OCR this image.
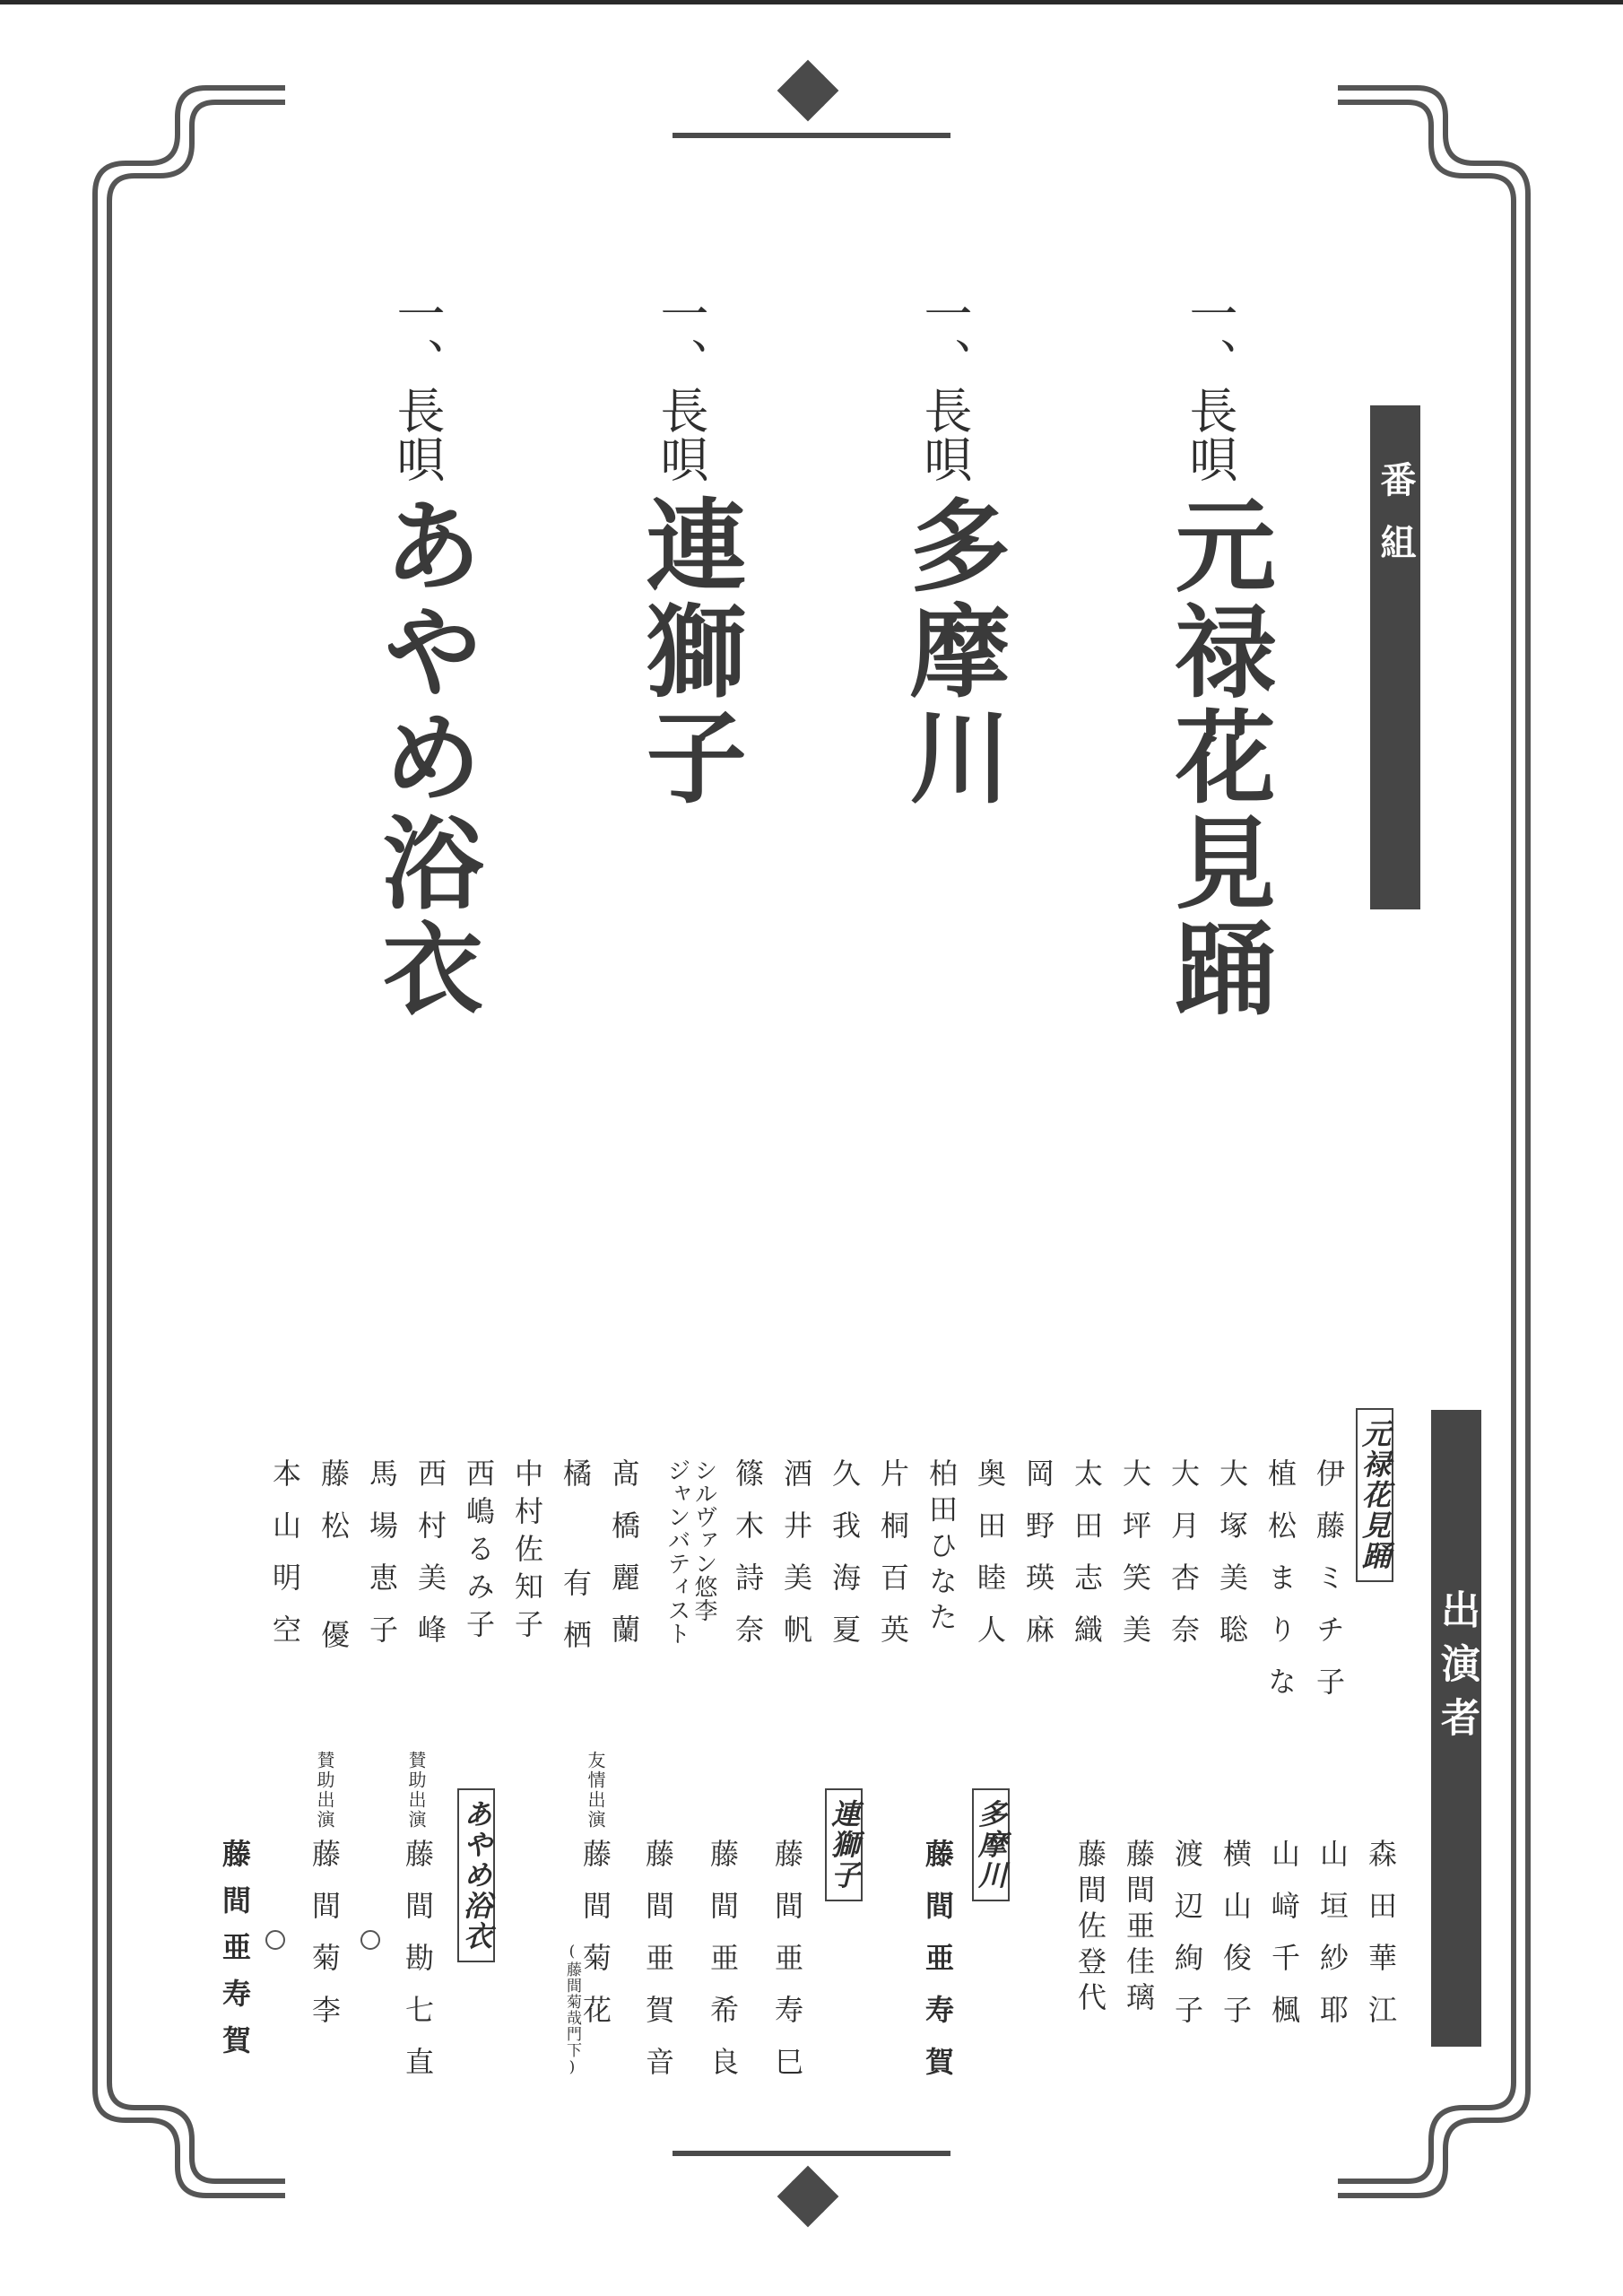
番組
一、長唄
元禄花見踊
一、長唄
多摩川
一、長唄
連獅子
一、長唄
あやめ浴衣
出演者
元禄花見踊
伊藤ミチ子
植松まりな
大塚美聡
大月杏奈
大坪笑美
太田志織
岡野瑛麻
奥田睦人
柏田ひなた
片桐百英
久我海夏
酒井美帆
篠木詩奈
シルヴァン悠李
ジャンバティスト
髙橋麗蘭
橘 有栖
中村佐知子
西嶋るみ子
西村美峰
馬場恵子
藤松 優
本山明空
森田華江
山垣紗耶
山﨑千楓
横山俊子
渡辺絢子
藤間亜佳璃
藤間佐登代
多摩川
藤間亜寿賀
連獅子
藤間亜寿巳
藤間亜希良
藤間亜賀音
友情出演
藤間菊花
(藤間菊哉門下)
あやめ浴衣
賛助出演
藤間勘七直
賛助出演
藤間菊李
藤間亜寿賀
